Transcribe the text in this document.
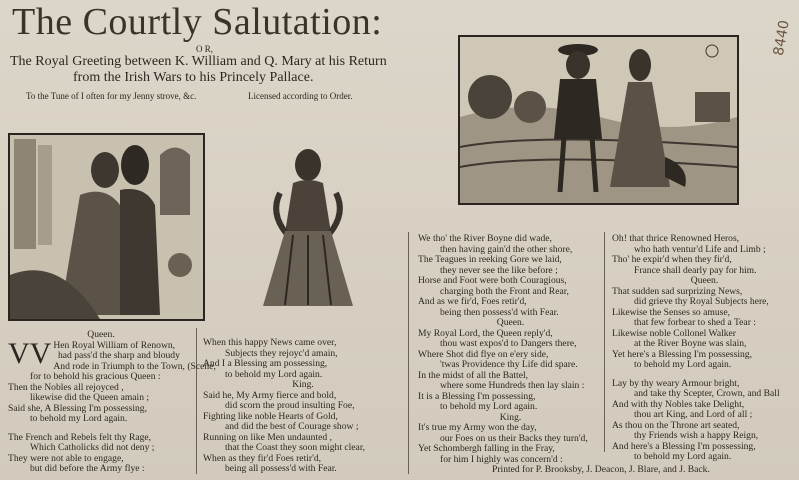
The Courtly Salutation:
O R,
The Royal Greeting between K. William and Q. Mary at his Return
from the Irish Wars to his Princely Pallace.
To the Tune of I often for my Jenny strove, &c.	Licensed according to Order.
8440
Queen.
VV Hen Royal William of Renown,
had pass'd the sharp and bloudy
And rode in Triumph to the Town, (Scene,
for to behold his gracious Queen :
Then the Nobles all rejoyced ,
likewise did the Queen amain ;
Said she, A Blessing I'm possessing,
to behold my Lord again.
The French and Rebels felt thy Rage,
Which Catholicks did not deny ;
They were not able to engage,
but did before the Army flye :
When this happy News came over,
Subjects they rejoyc'd amain,
And I a Blessing am possessing,
to behold my Lord again.
King.
Said he, My Army fierce and bold,
did scorn the proud insulting Foe,
Fighting like noble Hearts of Gold,
and did the best of Courage show ;
Running on like Men undaunted ,
that the Coast they soon might clear,
When as they fir'd Foes retir'd,
being all possess'd with Fear.
We tho' the River Boyne did wade,
then having gain'd the other shore,
The Teagues in reeking Gore we laid,
they never see the like before ;
Horse and Foot were both Couragious,
charging both the Front and Rear,
And as we fir'd, Foes retir'd,
being then possess'd with Fear.
Queen.
My Royal Lord, the Queen reply'd,
thou wast expos'd to Dangers there,
Where Shot did flye on e'ery side,
'twas Providence thy Life did spare.
In the midst of all the Battel,
where some Hundreds then lay slain :
It is a Blessing I'm possessing,
to behold my Lord again.
King.
It's true my Army won the day,
our Foes on us their Backs they turn'd,
Yet Schombergh falling in the Fray,
for him I highly was concern'd :
Oh! that thrice Renowned Heros,
who hath ventur'd Life and Limb ;
Tho' he expir'd when they fir'd,
France shall dearly pay for him.
Queen.
That sudden sad surprizing News,
did grieve thy Royal Subjects here,
Likewise the Senses so amuse,
that few forbear to shed a Tear :
Likewise noble Collonel Walker
at the River Boyne was slain,
Yet here's a Blessing I'm possessing,
to behold my Lord again.
Lay by thy weary Armour bright,
and take thy Scepter, Crown, and Ball
And with thy Nobles take Delight,
thou art King, and Lord of all ;
As thou on the Throne art seated,
thy Friends wish a happy Reign,
And here's a Blessing I'm possessing,
to behold my Lord again.
Printed for P. Brooksby, J. Deacon, J. Blare, and J. Back.
